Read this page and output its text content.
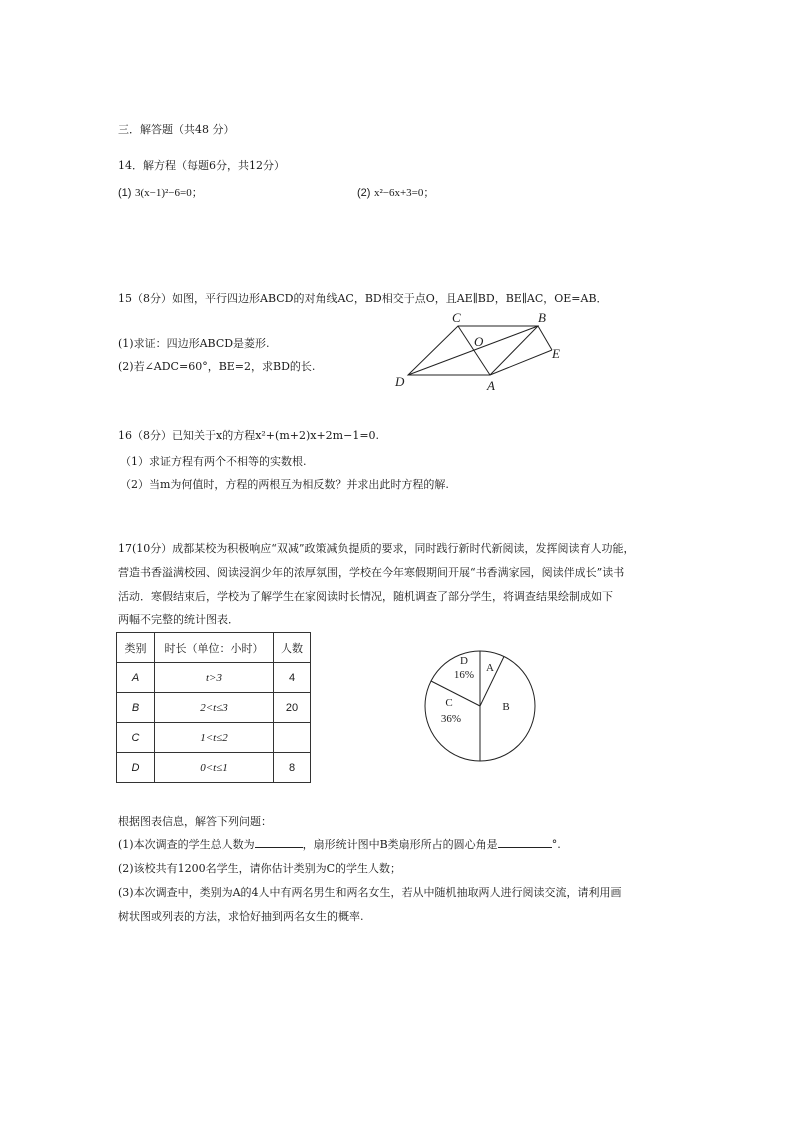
三．解答题（共48 分）
14．解方程（每题6分，共12分）
(1) 3(x−1)²−6=0；	(2) x²−6x+3=0；
15（8分）如图，平行四边形ABCD的对角线AC，BD相交于点O，且AE∥BD，BE∥AC，OE=AB．
(1)求证：四边形ABCD是菱形.
(2)若∠ADC=60°，BE=2，求BD的长.
C	B
O
E
D	A
16（8分）已知关于x的方程x²+(m+2)x+2m−1=0.
（1）求证方程有两个不相等的实数根.
（2）当m为何值时，方程的两根互为相反数？并求出此时方程的解.
17(10分）成都某校为积极响应“双减”政策减负提质的要求，同时践行新时代新阅读，发挥阅读育人功能，
营造书香溢满校园、阅读浸润少年的浓厚氛围，学校在今年寒假期间开展“书香满家园，阅读伴成长”读书
活动．寒假结束后，学校为了解学生在家阅读时长情况，随机调查了部分学生，将调查结果绘制成如下
两幅不完整的统计图表．
类别	时长（单位：小时）	人数
A	t>3	4
B	2<t≤3	20
C	1<t≤2	
D	0<t≤1	8
D
16%
A
B
C
36%
根据图表信息，解答下列问题：
(1)本次调查的学生总人数为	，扇形统计图中B类扇形所占的圆心角是	°.
(2)该校共有1200名学生，请你估计类别为C的学生人数；
(3)本次调查中，类别为A的4人中有两名男生和两名女生，若从中随机抽取两人进行阅读交流，请利用画
树状图或列表的方法，求恰好抽到两名女生的概率.
